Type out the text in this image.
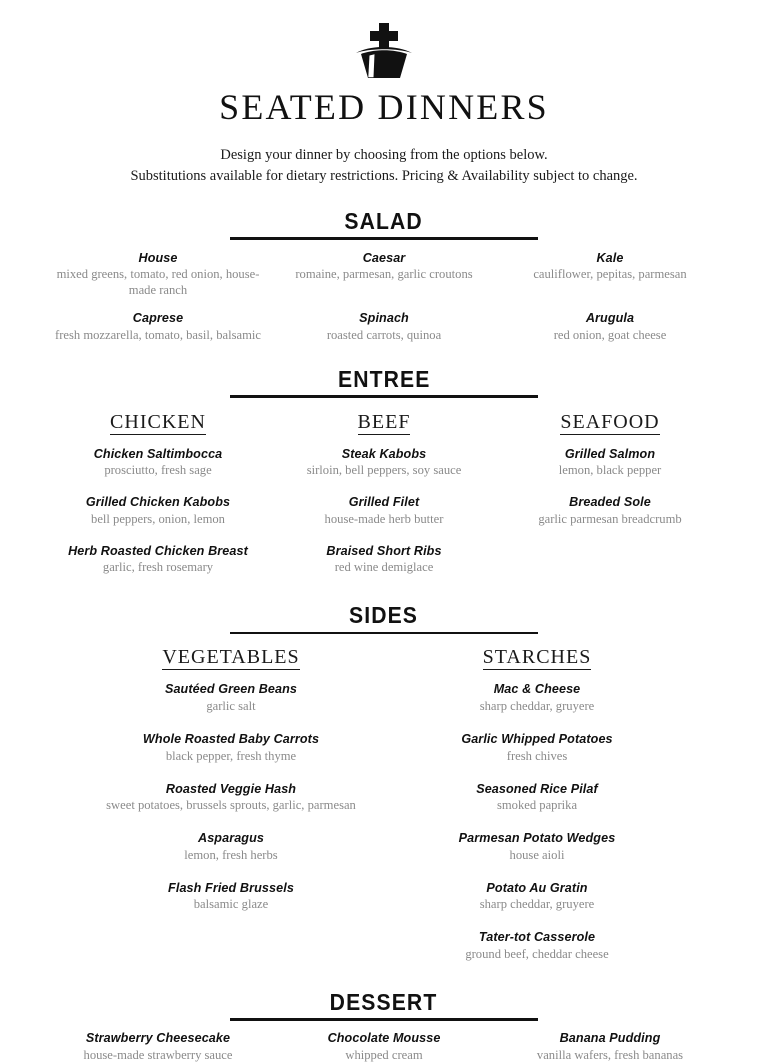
SEATED DINNERS
Design your dinner by choosing from the options below.
Substitutions available for dietary restrictions. Pricing & Availability subject to change.
SALAD
House
mixed greens, tomato, red onion, house-made ranch
Caesar
romaine, parmesan, garlic croutons
Kale
cauliflower, pepitas, parmesan
Caprese
fresh mozzarella, tomato, basil, balsamic
Spinach
roasted carrots, quinoa
Arugula
red onion, goat cheese
ENTREE
CHICKEN
Chicken Saltimbocca
prosciutto, fresh sage
Grilled Chicken Kabobs
bell peppers, onion, lemon
Herb Roasted Chicken Breast
garlic, fresh rosemary
BEEF
Steak Kabobs
sirloin, bell peppers, soy sauce
Grilled Filet
house-made herb butter
Braised Short Ribs
red wine demiglace
SEAFOOD
Grilled Salmon
lemon, black pepper
Breaded Sole
garlic parmesan breadcrumb
SIDES
VEGETABLES
Sautéed Green Beans
garlic salt
Whole Roasted Baby Carrots
black pepper, fresh thyme
Roasted Veggie Hash
sweet potatoes, brussels sprouts, garlic, parmesan
Asparagus
lemon, fresh herbs
Flash Fried Brussels
balsamic glaze
STARCHES
Mac & Cheese
sharp cheddar, gruyere
Garlic Whipped Potatoes
fresh chives
Seasoned Rice Pilaf
smoked paprika
Parmesan Potato Wedges
house aioli
Potato Au Gratin
sharp cheddar, gruyere
Tater-tot Casserole
ground beef, cheddar cheese
DESSERT
Strawberry Cheesecake
house-made strawberry sauce
Chocolate Mousse
whipped cream
Banana Pudding
vanilla wafers, fresh bananas
